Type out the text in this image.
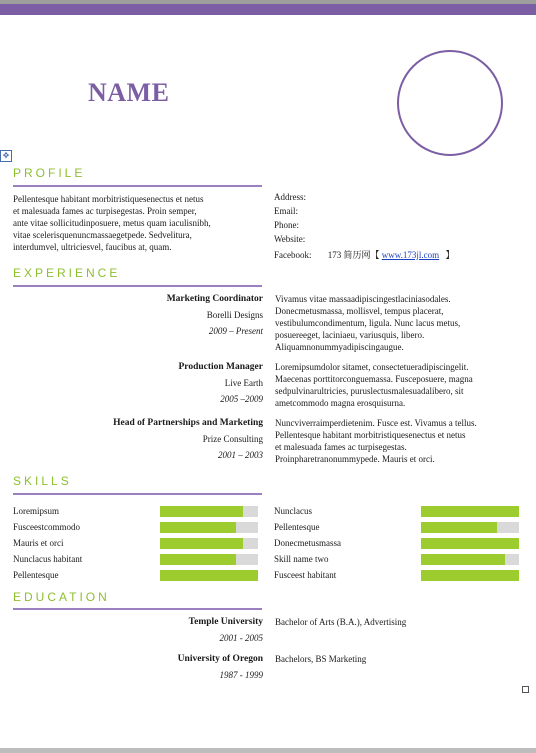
NAME
✥
PROFILE
Pellentesque habitant morbitristiquesenectus et netus
et malesuada fames ac turpisegestas. Proin semper,
ante vitae sollicitudinposuere, metus quam iaculisnibh,
vitae scelerisquenuncmassaegetpede. Sedvelitura,
interdumvel, ultriciesvel, faucibus at, quam.
Address:
Email:
Phone:
Website:
Facebook: 173 简历网【 www.173jl.com 】
EXPERIENCE
Marketing Coordinator
Borelli Designs
2009 – Present
Vivamus vitae massaadipiscingestlaciniasodales.
Donecmetusmassa, mollisvel, tempus placerat,
vestibulumcondimentum, ligula. Nunc lacus metus,
posuereeget, laciniaeu, variusquis, libero.
Aliquamnonummyadipiscingaugue.
Production Manager
Live Earth
2005 –2009
Loremipsumdolor sitamet, consectetueradipiscingelit.
Maecenas porttitorconguemassa. Fusceposuere, magna
sedpulvinarultricies, puruslectusmalesuadalibero, sit
ametcommodo magna erosquisurna.
Head of Partnerships and Marketing
Prize Consulting
2001 – 2003
Nuncviverraimperdietenim. Fusce est. Vivamus a tellus.
Pellentesque habitant morbitristiquesenectus et netus
et malesuada fames ac turpisegestas.
Proinpharetranonummypede. Mauris et orci.
SKILLS
Loremipsum
Fusceestcommodo
Mauris et orci
Nunclacus habitant
Pellentesque
Nunclacus
Pellentesque
Donecmetusmassa
Skill name two
Fusceest habitant
EDUCATION
Temple University
2001 - 2005
Bachelor of Arts (B.A.), Advertising
University of Oregon
1987 - 1999
Bachelors, BS Marketing
